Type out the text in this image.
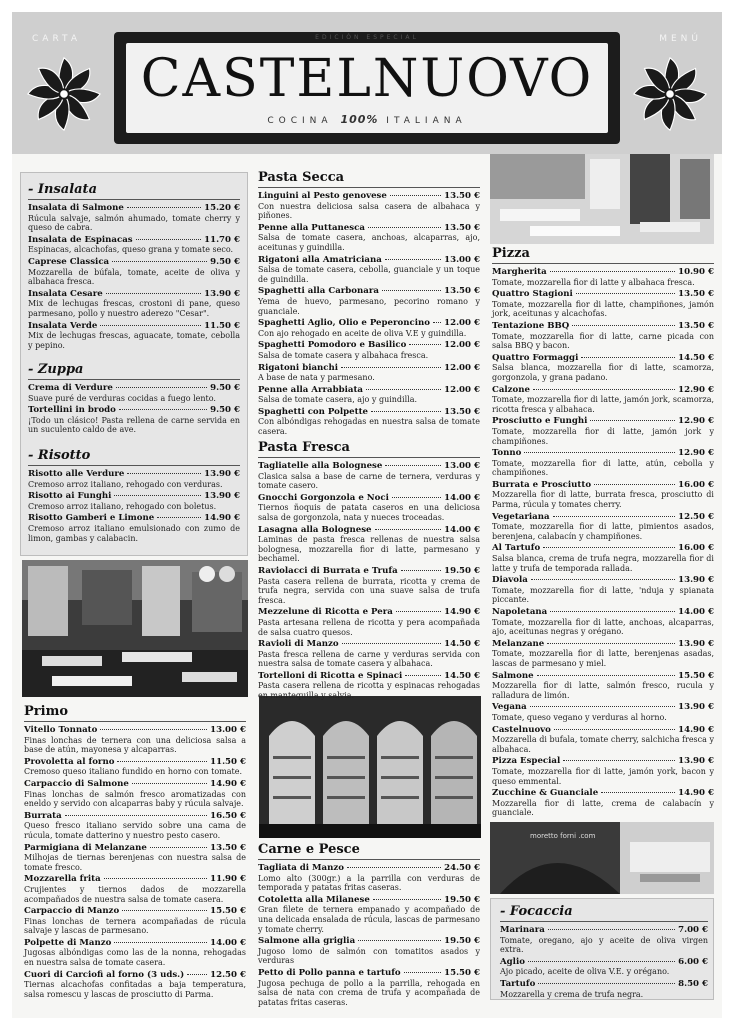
CARTA	MENÚ
EDICIÓN ESPECIAL
CASTELNUOVO
COCINA 100% ITALIANA
moretto forni .com
- Insalata
Insalata di Salmone	15.20 €
Rúcula salvaje, salmón ahumado, tomate cherry y queso de cabra.
Insalata de Espinacas	11.70 €
Espinacas, alcachofas, queso grana y tomate seco.
Caprese Classica	9.50 €
Mozzarella de búfala, tomate, aceite de oliva y albahaca fresca.
Insalata Cesare	13.90 €
Mix de lechugas frescas, crostoni di pane, queso parmesano, pollo y nuestro aderezo "Cesar".
Insalata Verde	11.50 €
Mix de lechugas frescas, aguacate, tomate, cebolla y pepino.
- Zuppa
Crema di Verdure	9.50 €
Suave puré de verduras cocidas a fuego lento.
Tortellini in brodo	9.50 €
¡Todo un clásico! Pasta rellena de carne servida en un suculento caldo de ave.
- Risotto
Risotto alle Verdure	13.90 €
Cremoso arroz italiano, rehogado con verduras.
Risotto ai Funghi	13.90 €
Cremoso arroz italiano, rehogado con boletus.
Risotto Gamberi e Limone	14.90 €
Cremoso arroz italiano emulsionado con zumo de limon, gambas y calabacin.
Primo
Vitello Tonnato	13.00 €
Finas lonchas de ternera con una deliciosa salsa a base de atún, mayonesa y alcaparras.
Provoletta al forno	11.50 €
Cremoso queso italiano fundido en horno con tomate.
Carpaccio di Salmone	14.90 €
Finas lonchas de salmón fresco aromatizadas con eneldo y servido con alcaparras baby y rúcula salvaje.
Burrata	16.50 €
Queso fresco italiano servido sobre una cama de rúcula, tomate datterino y nuestro pesto casero.
Parmigiana di Melanzane	13.50 €
Milhojas de tiernas berenjenas con nuestra salsa de tomate fresco.
Mozzarella frita	11.90 €
Crujientes y tiernos dados de mozzarella acompañados de nuestra salsa de tomate casera.
Carpaccio di Manzo	15.50 €
Finas lonchas de ternera acompañadas de rúcula salvaje y lascas de parmesano.
Polpette di Manzo	14.00 €
Jugosas albóndigas como las de la nonna, rehogadas en nuestra salsa de tomate casera.
Cuori di Carciofi al forno (3 uds.)	12.50 €
Tiernas alcachofas confitadas a baja temperatura, salsa romescu y lascas de prosciutto di Parma.
Pasta Secca
Linguini al Pesto genovese	13.50 €
Con nuestra deliciosa salsa casera de albahaca y piñones.
Penne alla Puttanesca	13.50 €
Salsa de tomate casera, anchoas, alcaparras, ajo, aceitunas y guindilla.
Rigatoni alla Amatriciana	13.00 €
Salsa de tomate casera, cebolla, guanciale y un toque de guindilla.
Spaghetti alla Carbonara	13.50 €
Yema de huevo, parmesano, pecorino romano y guanciale.
Spaghetti Aglio, Olio e Peperoncino 12.00 €
Con ajo rehogado en aceite de oliva V.E y guindilla.
Spaghetti Pomodoro e Basilico	12.00 €
Salsa de tomate casera y albahaca fresca.
Rigatoni bianchi	12.00 €
A base de nata y parmesano.
Penne alla Arrabbiata	12.00 €
Salsa de tomate casera, ajo y guindilla.
Spaghetti con Polpette	13.50 €
Con albóndigas rehogadas en nuestra salsa de tomate casera.
Pasta Fresca
Tagliatelle alla Bolognese	13.00 €
Clasica salsa a base de carne de ternera, verduras y tomate casero.
Gnocchi Gorgonzola e Noci	14.00 €
Tiernos ñoquis de patata caseros en una deliciosa salsa de gorgonzola, nata y nueces troceadas.
Lasagna alla Bolognese	14.00 €
Laminas de pasta fresca rellenas de nuestra salsa bolognesa, mozzarella fior di latte, parmesano y bechamel.
Raviolacci di Burrata e Trufa	19.50 €
Pasta casera rellena de burrata, ricotta y crema de trufa negra, servida con una suave salsa de trufa fresca.
Mezzelune di Ricotta e Pera	14.90 €
Pasta artesana rellena de ricotta y pera acompañada de salsa cuatro quesos.
Ravioli di Manzo	14.50 €
Pasta fresca rellena de carne y verduras servida con nuestra salsa de tomate casera y albahaca.
Tortelloni di Ricotta e Spinaci	14.50 €
Pasta casera rellena de ricotta y espinacas rehogadas en mantequilla y salvia.
Carne e Pesce
Tagliata di Manzo	24.50 €
Lomo alto (300gr.) a la parrilla con verduras de temporada y patatas fritas caseras.
Cotoletta alla Milanese	19.50 €
Gran filete de ternera empanado y acompañado de una delicada ensalada de rúcula, lascas de parmesano y tomate cherry.
Salmone alla griglia	19.50 €
Jugoso lomo de salmón con tomatitos asados y verduras
Petto di Pollo panna e tartufo	15.50 €
Jugosa pechuga de pollo a la parrilla, rehogada en salsa de nata con crema de trufa y acompañada de patatas fritas caseras.
Pizza
Margherita	10.90 €
Tomate, mozzarella fior di latte y albahaca fresca.
Quattro Stagioni	13.50 €
Tomate, mozzarella fior di latte, champiñones, jamón jork, aceitunas y alcachofas.
Tentazione BBQ	13.50 €
Tomate, mozzarella fior di latte, carne picada con salsa BBQ y bacon.
Quattro Formaggi	14.50 €
Salsa blanca, mozzarella fior di latte, scamorza, gorgonzola, y grana padano.
Calzone	12.90 €
Tomate, mozzarella fior di latte, jamón jork, scamorza, ricotta fresca y albahaca.
Prosciutto e Funghi	12.90 €
Tomate, mozzarella fior di latte, jamón jork y champiñones.
Tonno	12.90 €
Tomate, mozzarella fior di latte, atún, cebolla y champiñones.
Burrata e Prosciutto	16.00 €
Mozzarella fior di latte, burrata fresca, prosciutto di Parma, rúcula y tomates cherry.
Vegetariana	12.50 €
Tomate, mozzarella fior di latte, pimientos asados, berenjena, calabacín y champiñones.
Al Tartufo	16.00 €
Salsa blanca, crema de trufa negra, mozzarella fior di latte y trufa de temporada rallada.
Diavola	13.90 €
Tomate, mozzarella fior di latte, 'nduja y spianata piccante.
Napoletana	14.00 €
Tomate, mozzarella fior di latte, anchoas, alcaparras, ajo, aceitunas negras y orégano.
Melanzane	13.90 €
Tomate, mozzarella fior di latte, berenjenas asadas, lascas de parmesano y miel.
Salmone	15.50 €
Mozzarella fior di latte, salmón fresco, rucula y ralladura de limón.
Vegana	13.90 €
Tomate, queso vegano y verduras al horno.
Castelnuovo	14.90 €
Mozzarella di bufala, tomate cherry, salchicha fresca y albahaca.
Pizza Especial	13.90 €
Tomate, mozzarella fior di latte, jamón york, bacon y queso emmental.
Zucchine & Guanciale	14.90 €
Mozzarella fior di latte, crema de calabacín y guanciale.
- Focaccia
Marinara	7.00 €
Tomate, oregano, ajo y aceite de oliva virgen extra.
Aglio	6.00 €
Ajo picado, aceite de oliva V.E. y orégano.
Tartufo	8.50 €
Mozzarella y crema de trufa negra.
